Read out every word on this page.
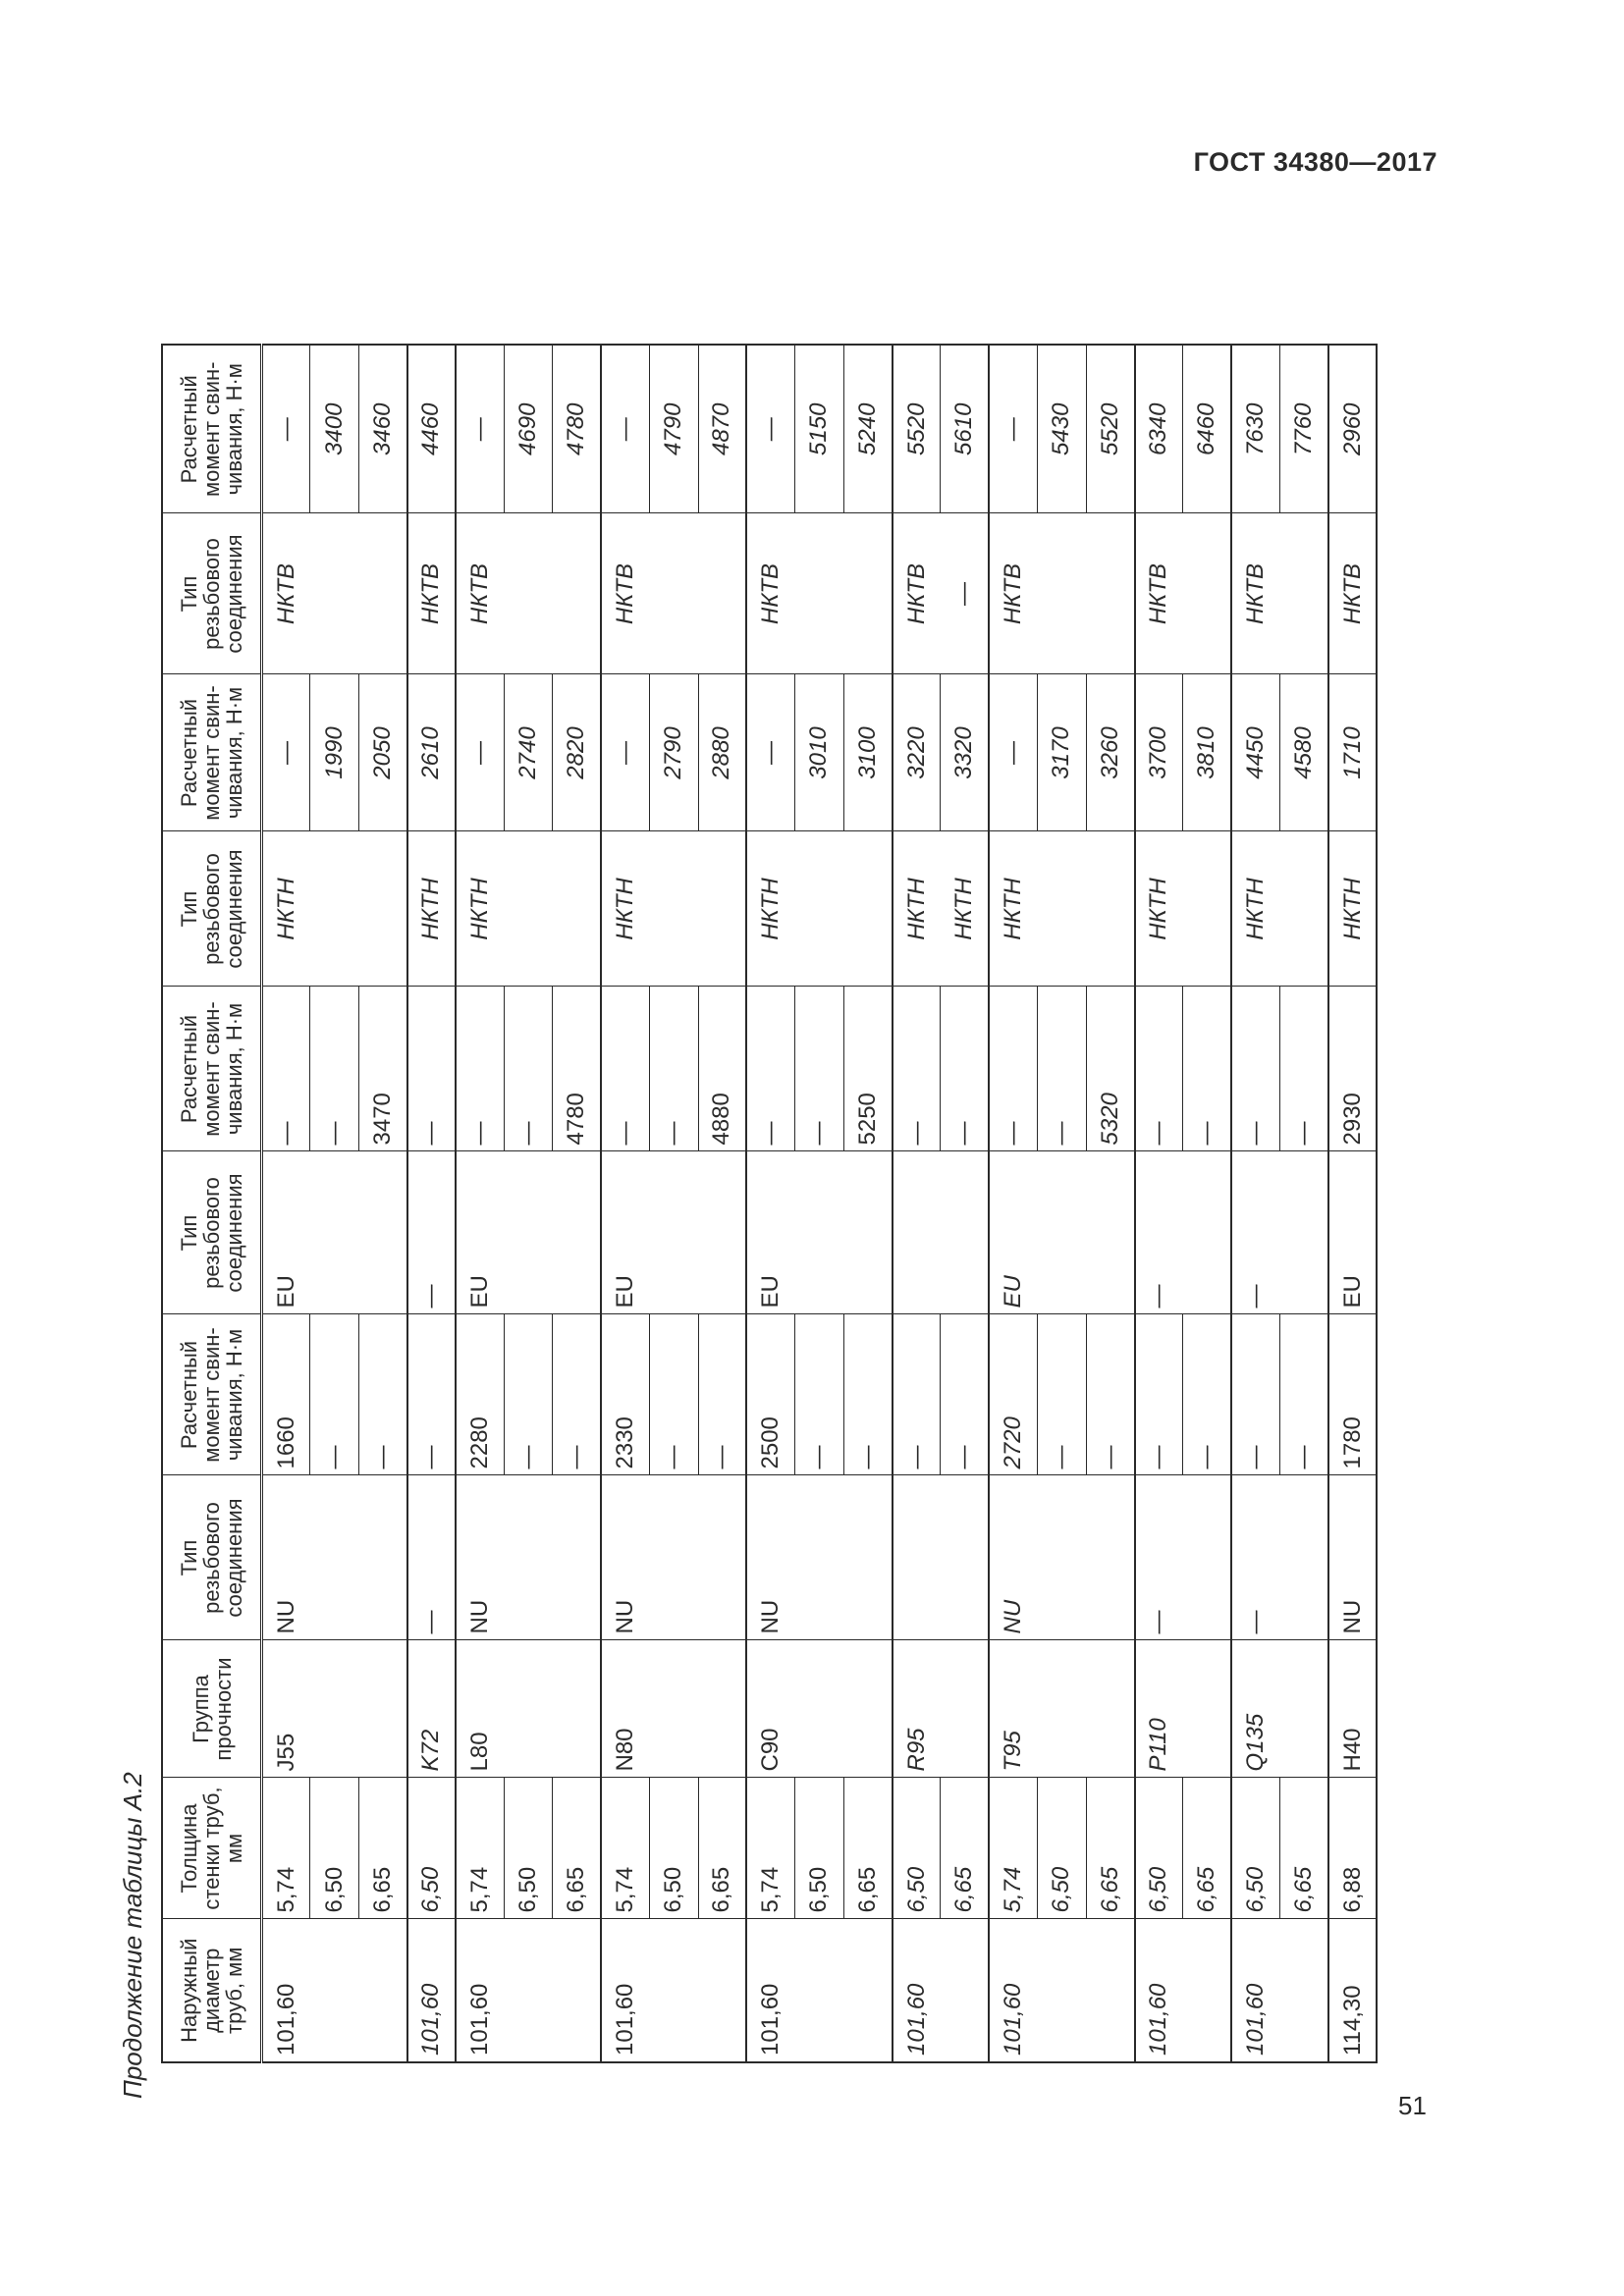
ГОСТ 34380—2017
Продолжение таблицы А.2 Наружный диаметр труб, мм	Толщина стенки труб, мм	Группа прочности	Тип резьбового соединения	Расчетный момент свин-чивания, Н·м	Тип резьбового соединения	Расчетный момент свин-чивания, Н·м	Тип резьбового соединения	Расчетный момент свин-чивания, Н·м	Тип резьбового соединения	Расчетный момент свин-чивания, Н·м
101,60	5,74	J55	NU	1660	EU	—	НКТН	—	НКТВ	—
	6,50			—		—		1990		3400
	6,65			—		3470		2050		3460
101,60	6,50	K72	—	—	—	—	НКТН	2610	НКТВ	4460
101,60	5,74	L80	NU	2280	EU	—	НКТН	—	НКТВ	—
	6,50			—		—		2740		4690
	6,65			—		4780		2820		4780
101,60	5,74	N80	NU	2330	EU	—	НКТН	—	НКТВ	—
	6,50			—		—		2790		4790
	6,65			—		4880		2880		4870
101,60	5,74	C90	NU	2500	EU	—	НКТН	—	НКТВ	—
	6,50			—		—		3010		5150
	6,65			—		5250		3100		5240
101,60	6,50	R95		—		—	НКТН	3220	НКТВ	5520
	6,65			—		—	НКТН	3320	—	5610
101,60	5,74	T95	NU	2720	EU	—	НКТН	—	НКТВ	—
	6,50			—		—		3170		5430
	6,65			—		5320		3260		5520
101,60	6,50	P110	—	—	—	—	НКТН	3700	НКТВ	6340
	6,65			—		—		3810		6460
101,60	6,50	Q135	—	—	—	—	НКТН	4450	НКТВ	7630
	6,65			—		—		4580		7760
114,30	6,88	H40	NU	1780	EU	2930	НКТН	1710	НКТВ	2960
51
